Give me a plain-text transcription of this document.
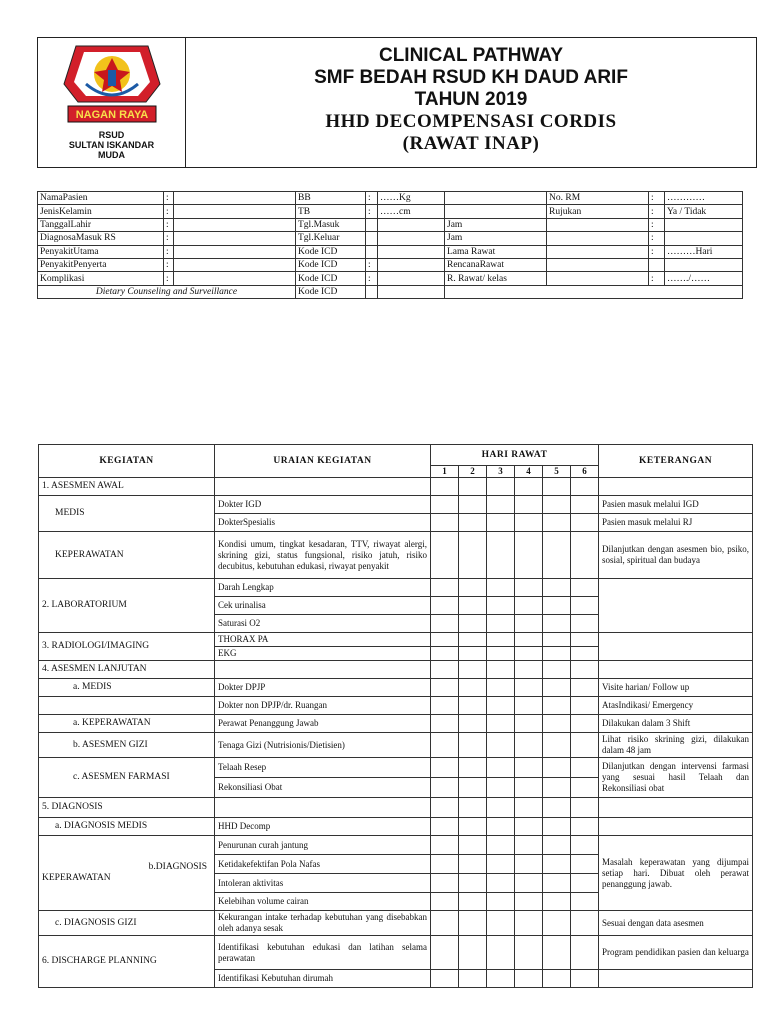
NAGAN RAYA
RSUD
SULTAN ISKANDAR
MUDA
CLINICAL PATHWAY
SMF BEDAH RSUD KH DAUD ARIF
TAHUN 2019
HHD DECOMPENSASI CORDIS
(RAWAT INAP)
NamaPasien	:		BB	:	……Kg		No. RM	:	…………
JenisKelamin	:		TB	:	……cm		Rujukan	:	Ya / Tidak
TanggalLahir	:		Tgl.Masuk			Jam		:	
DiagnosaMasuk RS	:		Tgl.Keluar			Jam		:	
PenyakitUtama	:		Kode ICD			Lama Rawat		:	………Hari
PenyakitPenyerta	:		Kode ICD	:		RencanaRawat			
Komplikasi	:		Kode ICD	:		R. Rawat/ kelas		:	……./……
Dietary Counseling and Surveillance			Kode ICD						
KEGIATAN	URAIAN KEGIATAN	HARI RAWAT						KETERANGAN
		1	2	3	4	5	6	
1. ASESMEN AWAL								
MEDIS	Dokter IGD							Pasien masuk melalui IGD
	DokterSpesialis							Pasien masuk melalui RJ
KEPERAWATAN	Kondisi umum, tingkat kesadaran, TTV, riwayat alergi, skrining gizi, status fungsional, risiko jatuh, risiko decubitus, kebutuhan edukasi, riwayat penyakit							Dilanjutkan dengan asesmen bio, psiko, sosial, spiritual dan budaya
2. LABORATORIUM	Darah Lengkap							
	Cek urinalisa							
	Saturasi O2							
3. RADIOLOGI/IMAGING	THORAX PA							
	EKG							
4. ASESMEN LANJUTAN								
a. MEDIS	Dokter DPJP							Visite harian/ Follow up
	Dokter non DPJP/dr. Ruangan							AtasIndikasi/ Emergency
a. KEPERAWATAN	Perawat Penanggung Jawab							Dilakukan dalam 3 Shift
b. ASESMEN GIZI	Tenaga Gizi (Nutrisionis/Dietisien)							Lihat risiko skrining gizi, dilakukan dalam 48 jam
c. ASESMEN FARMASI	Telaah Resep							Dilanjutkan dengan intervensi farmasi yang sesuai hasil Telaah dan Rekonsiliasi obat
	Rekonsiliasi Obat							
5. DIAGNOSIS								
a. DIAGNOSIS MEDIS	HHD Decomp							

b.DIAGNOSIS
KEPERAWATAN	Penurunan curah jantung							Masalah keperawatan yang dijumpai setiap hari. Dibuat oleh perawat penanggung jawab.
	Ketidakefektifan Pola Nafas							
	Intoleran aktivitas							
	Kelebihan volume cairan							
c. DIAGNOSIS GIZI	Kekurangan intake terhadap kebutuhan yang disebabkan oleh adanya sesak							Sesuai dengan data asesmen
6. DISCHARGE PLANNING	Identifikasi kebutuhan edukasi dan latihan selama perawatan							Program pendidikan pasien dan keluarga
	Identifikasi Kebutuhan dirumah							
